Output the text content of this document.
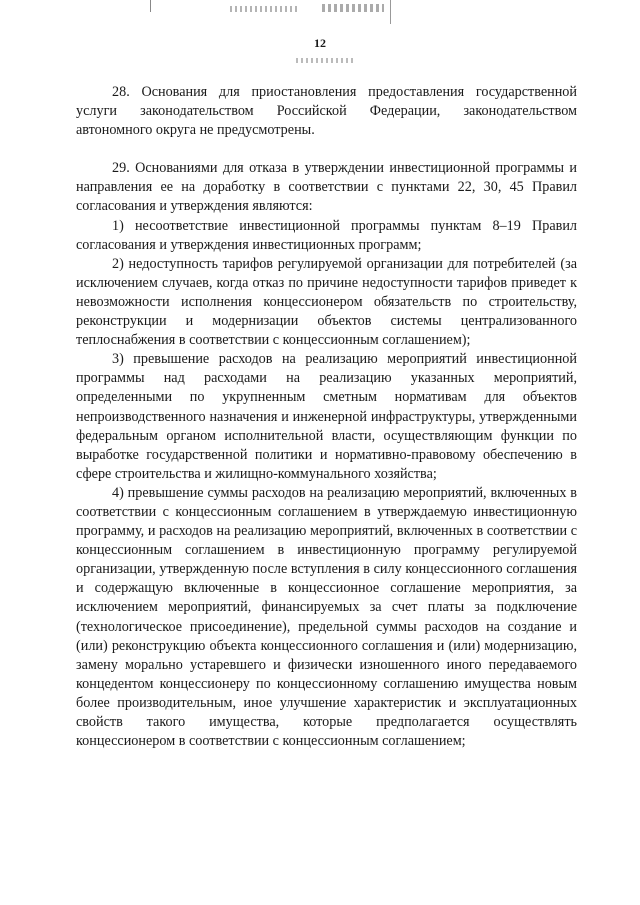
12

28. Основания для приостановления предоставления государственной услуги законодательством Российской Федерации, законодательством автономного округа не предусмотрены.

29. Основаниями для отказа в утверждении инвестиционной программы и направления ее на доработку в соответствии с пунктами 22, 30, 45 Правил согласования и утверждения являются:

1) несоответствие инвестиционной программы пунктам 8–19 Правил согласования и утверждения инвестиционных программ;

2) недоступность тарифов регулируемой организации для потребителей (за исключением случаев, когда отказ по причине недоступности тарифов приведет к невозможности исполнения концессионером обязательств по строительству, реконструкции и модернизации объектов системы централизованного теплоснабжения в соответствии с концессионным соглашением);

3) превышение расходов на реализацию мероприятий инвестиционной программы над расходами на реализацию указанных мероприятий, определенными по укрупненным сметным нормативам для объектов непроизводственного назначения и инженерной инфраструктуры, утвержденными федеральным органом исполнительной власти, осуществляющим функции по выработке государственной политики и нормативно-правовому обеспечению в сфере строительства и жилищно-коммунального хозяйства;

4) превышение суммы расходов на реализацию мероприятий, включенных в соответствии с концессионным соглашением в утверждаемую инвестиционную программу, и расходов на реализацию мероприятий, включенных в соответствии с концессионным соглашением в инвестиционную программу регулируемой организации, утвержденную после вступления в силу концессионного соглашения и содержащую включенные в концессионное соглашение мероприятия, за исключением мероприятий, финансируемых за счет платы за подключение (технологическое присоединение), предельной суммы расходов на создание и (или) реконструкцию объекта концессионного соглашения и (или) модернизацию, замену морально устаревшего и физически изношенного иного передаваемого концедентом концессионеру по концессионному соглашению имущества новым более производительным, иное улучшение характеристик и эксплуатационных свойств такого имущества, которые предполагается осуществлять концессионером в соответствии с концессионным соглашением;
